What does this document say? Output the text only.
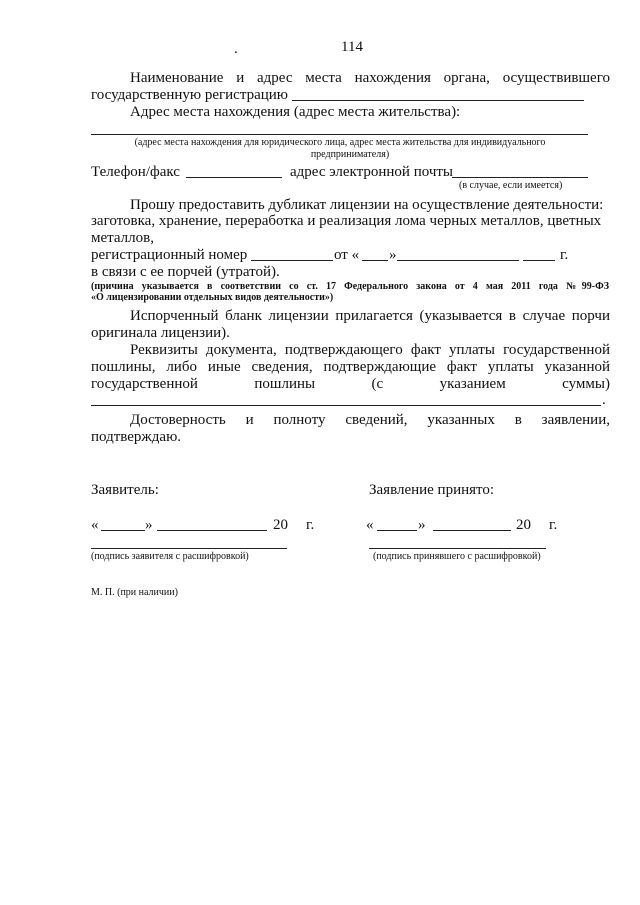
114
.
Наименование и адрес места нахождения органа, осуществившего
государственную регистрацию
Адрес места нахождения (адрес места жительства):
(адрес места нахождения для юридического лица, адрес места жительства для индивидуального
предпринимателя)
Телефон/факс	адрес электронной почты
(в случае, если имеется)
Прошу предоставить дубликат лицензии на осуществление деятельности:
заготовка, хранение, переработка и реализация лома черных металлов, цветных
металлов,
регистрационный номер	от « »	г.
в связи с ее порчей (утратой).
(причина указывается в соответствии со ст. 17 Федерального закона от 4 мая 2011 года №99-ФЗ
«О лицензировании отдельных видов деятельности»)
Испорченный бланк лицензии прилагается (указывается в случае порчи
оригинала лицензии).
Реквизиты документа, подтверждающего факт уплаты государственной
пошлины, либо иные сведения, подтверждающие факт уплаты указанной
государственной пошлины (с указанием суммы)
.
Достоверность и полноту сведений, указанных в заявлении,
подтверждаю.
Заявитель:	Заявление принято:
«	»	20 г.	«	»	20 г.
(подпись заявителя с расшифровкой)	(подпись принявшего с расшифровкой)
М. П. (при наличии)
